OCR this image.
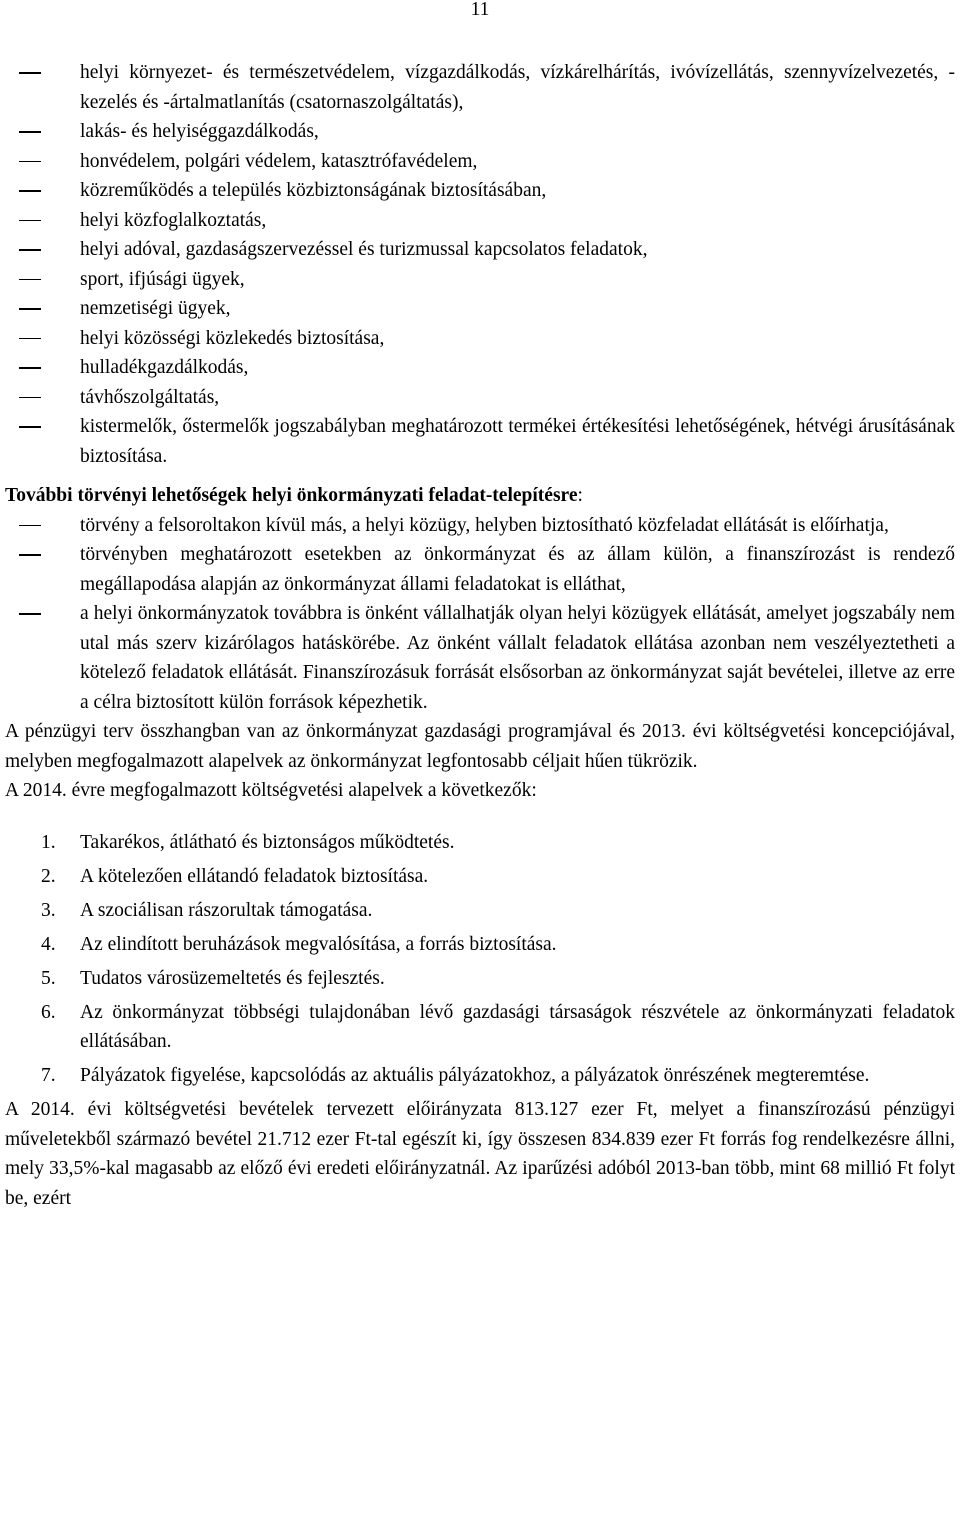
11
helyi környezet- és természetvédelem, vízgazdálkodás, vízkárelhárítás, ivóvízellátás, szennyvízelvezetés, -kezelés és -ártalmatlanítás (csatornaszolgáltatás),
lakás- és helyiséggazdálkodás,
honvédelem, polgári védelem, katasztrófavédelem,
közreműködés a település közbiztonságának biztosításában,
helyi közfoglalkoztatás,
helyi adóval, gazdaságszervezéssel és turizmussal kapcsolatos feladatok,
sport, ifjúsági ügyek,
nemzetiségi ügyek,
helyi közösségi közlekedés biztosítása,
hulladékgazdálkodás,
távhőszolgáltatás,
kistermelők, őstermelők jogszabályban meghatározott termékei értékesítési lehetőségének, hétvégi árusításának biztosítása.
További törvényi lehetőségek helyi önkormányzati feladat-telepítésre:
törvény a felsoroltakon kívül más, a helyi közügy, helyben biztosítható közfeladat ellátását is előírhatja,
törvényben meghatározott esetekben az önkormányzat és az állam külön, a finanszírozást is rendező megállapodása alapján az önkormányzat állami feladatokat is elláthat,
a helyi önkormányzatok továbbra is önként vállalhatják olyan helyi közügyek ellátását, amelyet jogszabály nem utal más szerv kizárólagos hatáskörébe. Az önként vállalt feladatok ellátása azonban nem veszélyeztetheti a kötelező feladatok ellátását. Finanszírozásuk forrását elsősorban az önkormányzat saját bevételei, illetve az erre a célra biztosított külön források képezhetik.

A pénzügyi terv összhangban van az önkormányzat gazdasági programjával és 2013. évi költségvetési koncepciójával, melyben megfogalmazott alapelvek az önkormányzat legfontosabb céljait hűen tükrözik.

A 2014. évre megfogalmazott költségvetési alapelvek a következők:

1. Takarékos, átlátható és biztonságos működtetés.
2. A kötelezően ellátandó feladatok biztosítása.
3. A szociálisan rászorultak támogatása.
4. Az elindított beruházások megvalósítása, a forrás biztosítása.
5. Tudatos városüzemeltetés és fejlesztés.
6. Az önkormányzat többségi tulajdonában lévő gazdasági társaságok részvétele az önkormányzati feladatok ellátásában.
7. Pályázatok figyelése, kapcsolódás az aktuális pályázatokhoz, a pályázatok önrészének megteremtése.

A 2014. évi költségvetési bevételek tervezett előirányzata 813.127 ezer Ft, melyet a finanszírozású pénzügyi műveletekből származó bevétel 21.712 ezer Ft-tal egészít ki, így összesen 834.839 ezer Ft forrás fog rendelkezésre állni, mely 33,5%-kal magasabb az előző évi eredeti előirányzatnál. Az iparűzési adóból 2013-ban több, mint 68 millió Ft folyt be, ezért
